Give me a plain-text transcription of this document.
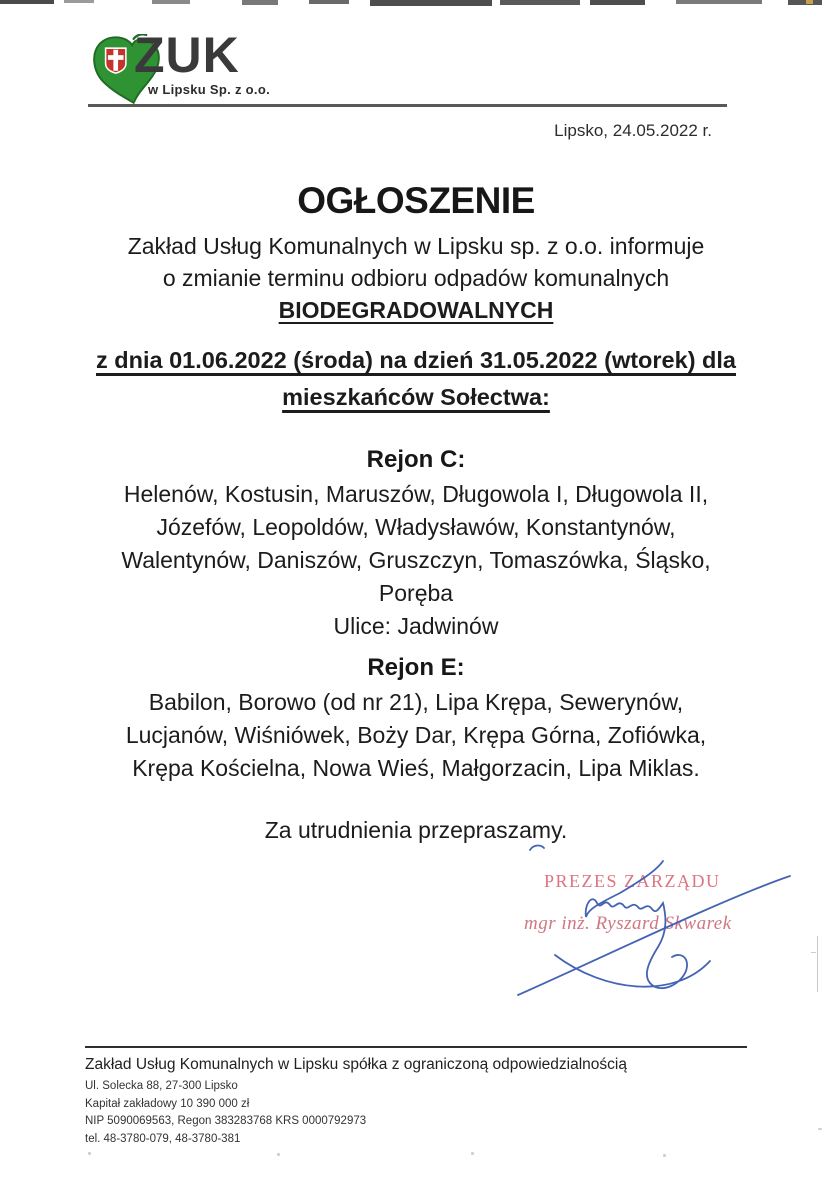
ZUK
w Lipsku Sp. z o.o.
Lipsko, 24.05.2022 r.
OGŁOSZENIE
Zakład Usług Komunalnych w Lipsku sp. z o.o. informuje
o zmianie terminu odbioru odpadów komunalnych
BIODEGRADOWALNYCH
z dnia 01.06.2022 (środa) na dzień 31.05.2022 (wtorek) dla
mieszkańców Sołectwa:
Rejon C:
Helenów, Kostusin, Maruszów, Długowola I, Długowola II,
Józefów, Leopoldów, Władysławów, Konstantynów,
Walentynów, Daniszów, Gruszczyn, Tomaszówka, Śląsko,
Poręba
Ulice: Jadwinów
Rejon E:
Babilon, Borowo (od nr 21), Lipa Krępa, Sewerynów,
Lucjanów, Wiśniówek, Boży Dar, Krępa Górna, Zofiówka,
Krępa Kościelna, Nowa Wieś, Małgorzacin, Lipa Miklas.
Za utrudnienia przepraszamy.
PREZES ZARZĄDU
mgr inż. Ryszard Skwarek
Zakład Usług Komunalnych w Lipsku spółka z ograniczoną odpowiedzialnością
Ul. Solecka 88, 27-300 Lipsko
Kapitał zakładowy 10 390 000 zł
NIP 5090069563, Regon 383283768 KRS 0000792973
tel. 48-3780-079, 48-3780-381
